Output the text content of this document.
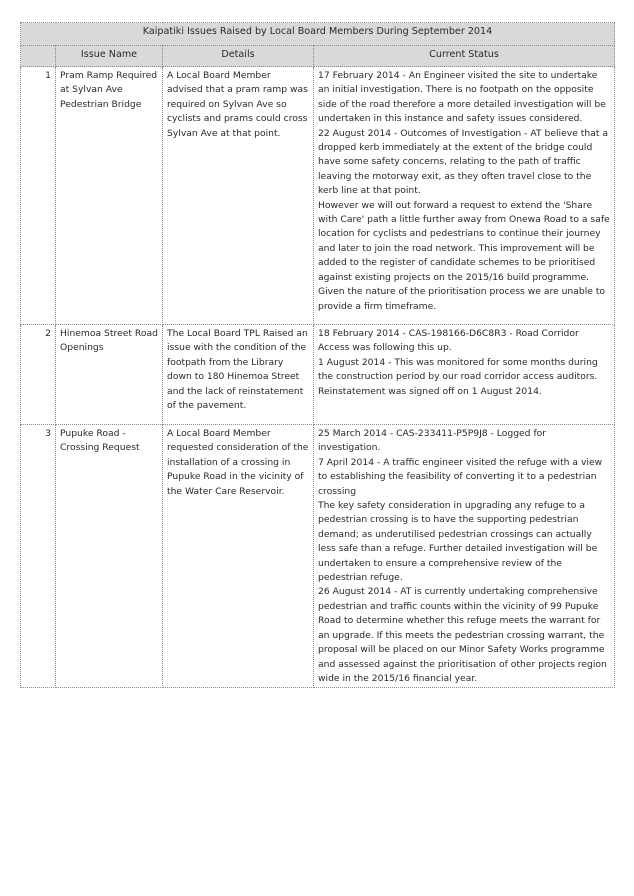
Kaipatiki Issues Raised by Local Board Members During September 2014			
	Issue Name	Details	Current Status
1	Pram Ramp Required at Sylvan Ave Pedestrian Bridge	A Local Board Member advised that a pram ramp was required on Sylvan Ave so cyclists and prams could cross Sylvan Ave at that point.	17 February 2014 - An Engineer visited the site to undertake an initial investigation. There is no footpath on the opposite side of the road therefore a more detailed investigation will be undertaken in this instance and safety issues considered.
22 August 2014 - Outcomes of Investigation - AT believe that a dropped kerb immediately at the extent of the bridge could have some safety concerns, relating to the path of traffic leaving the motorway exit, as they often travel close to the kerb line at that point.
However we will out forward a request to extend the 'Share with Care' path a little further away from Onewa Road to a safe location for cyclists and pedestrians to continue their journey and later to join the road network. This improvement will be added to the register of candidate schemes to be prioritised against existing projects on the 2015/16 build programme. Given the nature of the prioritisation process we are unable to provide a firm timeframe.

2	Hinemoa Street Road Openings	The Local Board TPL Raised an issue with the condition of the footpath from the Library down to 180 Hinemoa Street and the lack of reinstatement of the pavement.	18 February 2014 - CAS-198166-D6C8R3 - Road Corridor Access was following this up.
1 August 2014 - This was monitored for some months during the construction period by our road corridor access auditors. Reinstatement was signed off on 1 August 2014.

3	Pupuke Road - Crossing Request	A Local Board Member requested consideration of the installation of a crossing in Pupuke Road in the vicinity of the Water Care Reservoir.	25 March 2014 - CAS-233411-P5P9J8 - Logged for investigation.
7 April 2014 - A traffic engineer visited the refuge with a view to establishing the feasibility of converting it to a pedestrian crossing
The key safety consideration in upgrading any refuge to a pedestrian crossing is to have the supporting pedestrian demand; as underutilised pedestrian crossings can actually less safe than a refuge. Further detailed investigation will be undertaken to ensure a comprehensive review of the pedestrian refuge.
26 August 2014 - AT is currently undertaking comprehensive pedestrian and traffic counts within the vicinity of 99 Pupuke Road to determine whether this refuge meets the warrant for an upgrade. If this meets the pedestrian crossing warrant, the proposal will be placed on our Minor Safety Works programme and assessed against the prioritisation of other projects region wide in the 2015/16 financial year.
